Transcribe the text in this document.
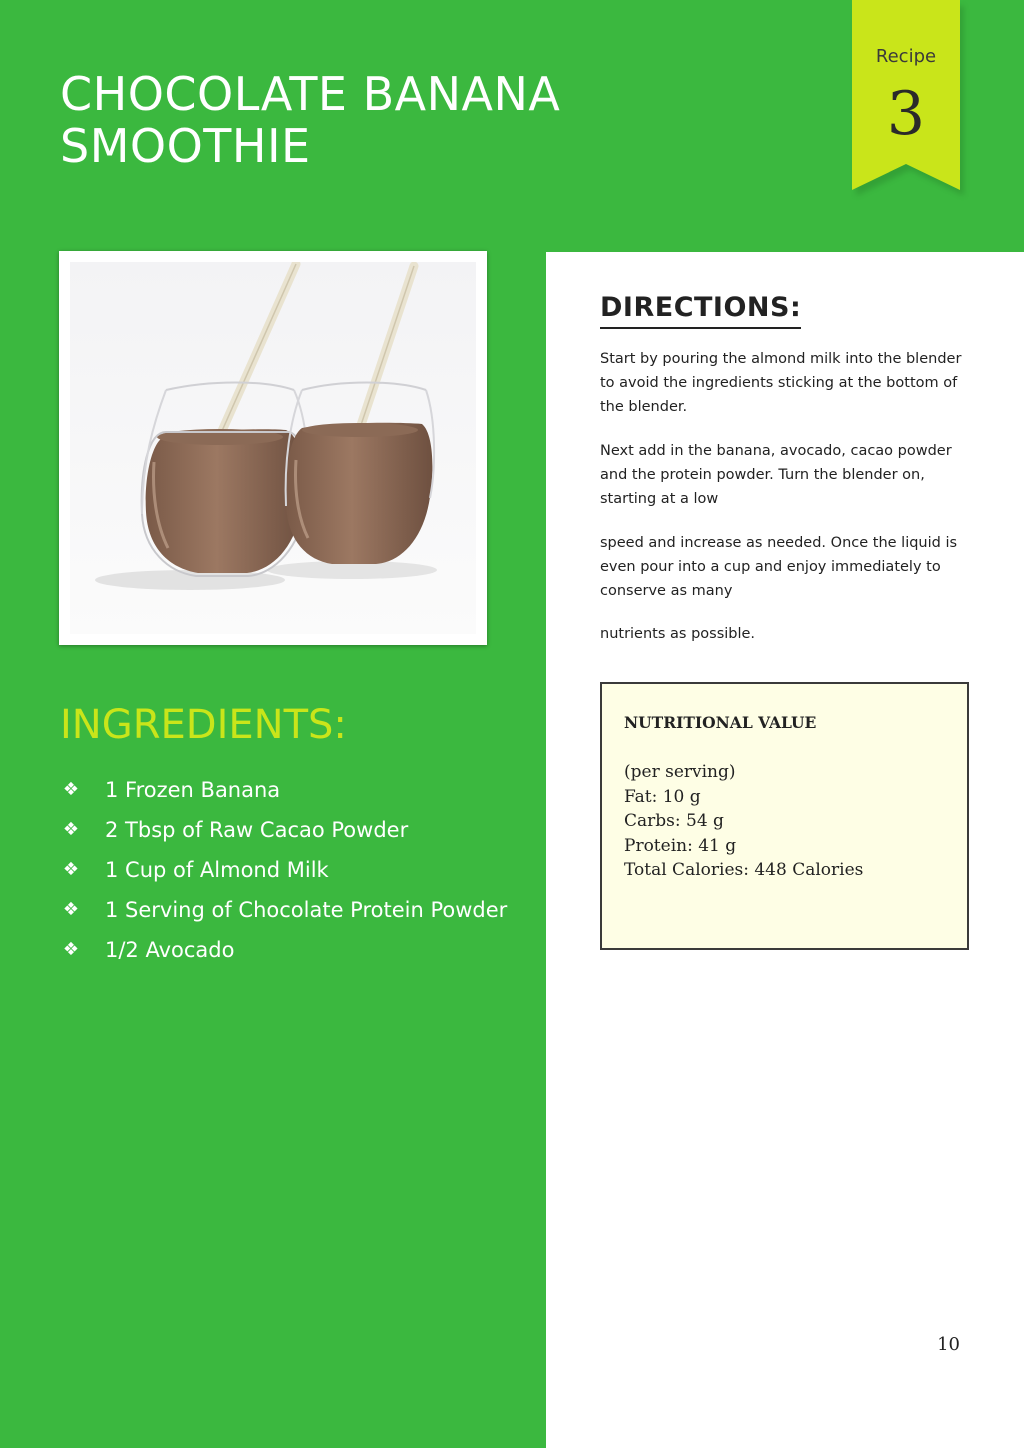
CHOCOLATE BANANA
SMOOTHIE
Recipe
3
INGREDIENTS:
❖ 1 Frozen Banana
❖ 2 Tbsp of Raw Cacao Powder
❖ 1 Cup of Almond Milk
❖ 1 Serving of Chocolate Protein Powder
❖ 1/2 Avocado
DIRECTIONS:

Start by pouring the almond milk into the blender to avoid the ingredients sticking at the bottom of the blender.

Next add in the banana, avocado, cacao powder and the protein powder. Turn the blender on, starting at a low

speed and increase as needed. Once the liquid is even pour into a cup and enjoy immediately to conserve as many

nutrients as possible.

NUTRITIONAL VALUE
(per serving)
Fat: 10 g
Carbs: 54 g
Protein: 41 g
Total Calories: 448 Calories
10
